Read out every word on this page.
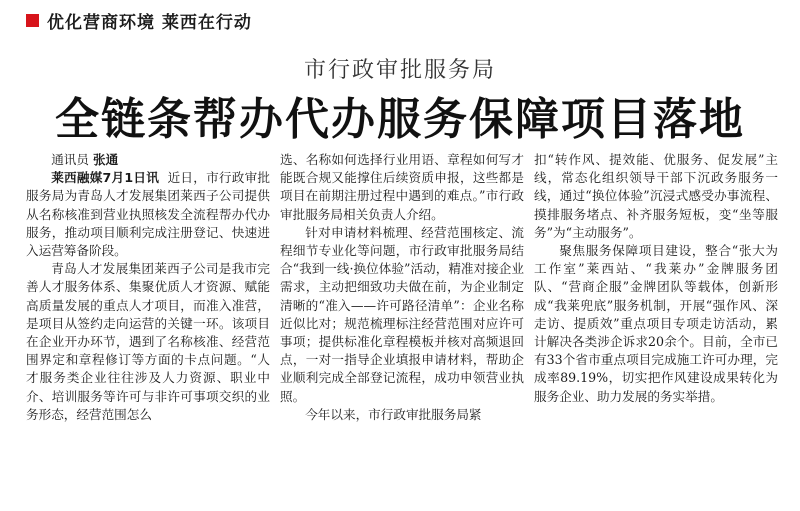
优化营商环境 莱西在行动
市行政审批服务局
全链条帮办代办服务保障项目落地

通讯员 张通

莱西融媒7月1日讯 近日，市行政审批服务局为青岛人才发展集团莱西子公司提供从名称核准到营业执照核发全流程帮办代办服务，推动项目顺利完成注册登记、快速进入运营筹备阶段。

青岛人才发展集团莱西子公司是我市完善人才服务体系、集聚优质人才资源、赋能高质量发展的重点人才项目，而准入准营，是项目从签约走向运营的关键一环。该项目在企业开办环节，遇到了名称核准、经营范围界定和章程修订等方面的卡点问题。“人才服务类企业往往涉及人力资源、职业中介、培训服务等许可与非许可事项交织的业务形态，经营范围怎么

选、名称如何选择行业用语、章程如何写才能既合规又能撑住后续资质申报，这些都是项目在前期注册过程中遇到的难点。”市行政审批服务局相关负责人介绍。

针对申请材料梳理、经营范围核定、流程细节专业化等问题，市行政审批服务局结合“我到一线·换位体验”活动，精准对接企业需求，主动把细致功夫做在前，为企业制定清晰的“准入——许可路径清单”：企业名称近似比对；规范梳理标注经营范围对应许可事项；提供标准化章程模板并核对高频退回点，一对一指导企业填报申请材料，帮助企业顺利完成全部登记流程，成功申领营业执照。

今年以来，市行政审批服务局紧

扣“转作风、提效能、优服务、促发展”主线，常态化组织领导干部下沉政务服务一线，通过“换位体验”沉浸式感受办事流程、摸排服务堵点、补齐服务短板，变“坐等服务”为“主动服务”。

聚焦服务保障项目建设，整合“张大为工作室”莱西站、“我莱办”金牌服务团队、“营商企服”金牌团队等载体，创新形成“我莱兜底”服务机制，开展“强作风、深走访、提质效”重点项目专项走访活动，累计解决各类涉企诉求20余个。目前，全市已有33个省市重点项目完成施工许可办理，完成率89.19%，切实把作风建设成果转化为服务企业、助力发展的务实举措。
